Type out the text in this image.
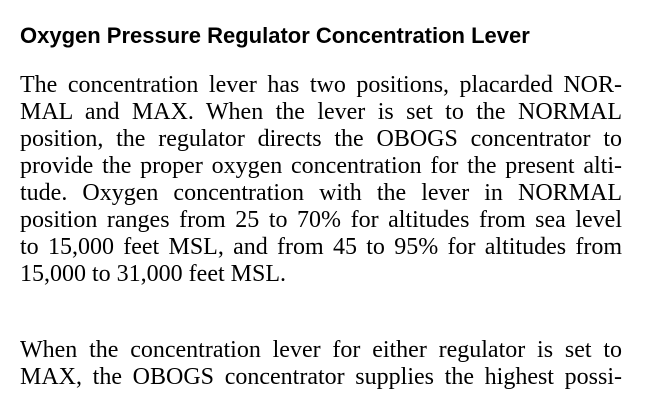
Oxygen Pressure Regulator Concentration Lever

The concentration lever has two positions, placarded NOR-
MAL and MAX. When the lever is set to the NORMAL
position, the regulator directs the OBOGS concentrator to
provide the proper oxygen concentration for the present alti-
tude. Oxygen concentration with the lever in NORMAL
position ranges from 25 to 70% for altitudes from sea level
to 15,000 feet MSL, and from 45 to 95% for altitudes from
15,000 to 31,000 feet MSL.

When the concentration lever for either regulator is set to
MAX, the OBOGS concentrator supplies the highest possi-
